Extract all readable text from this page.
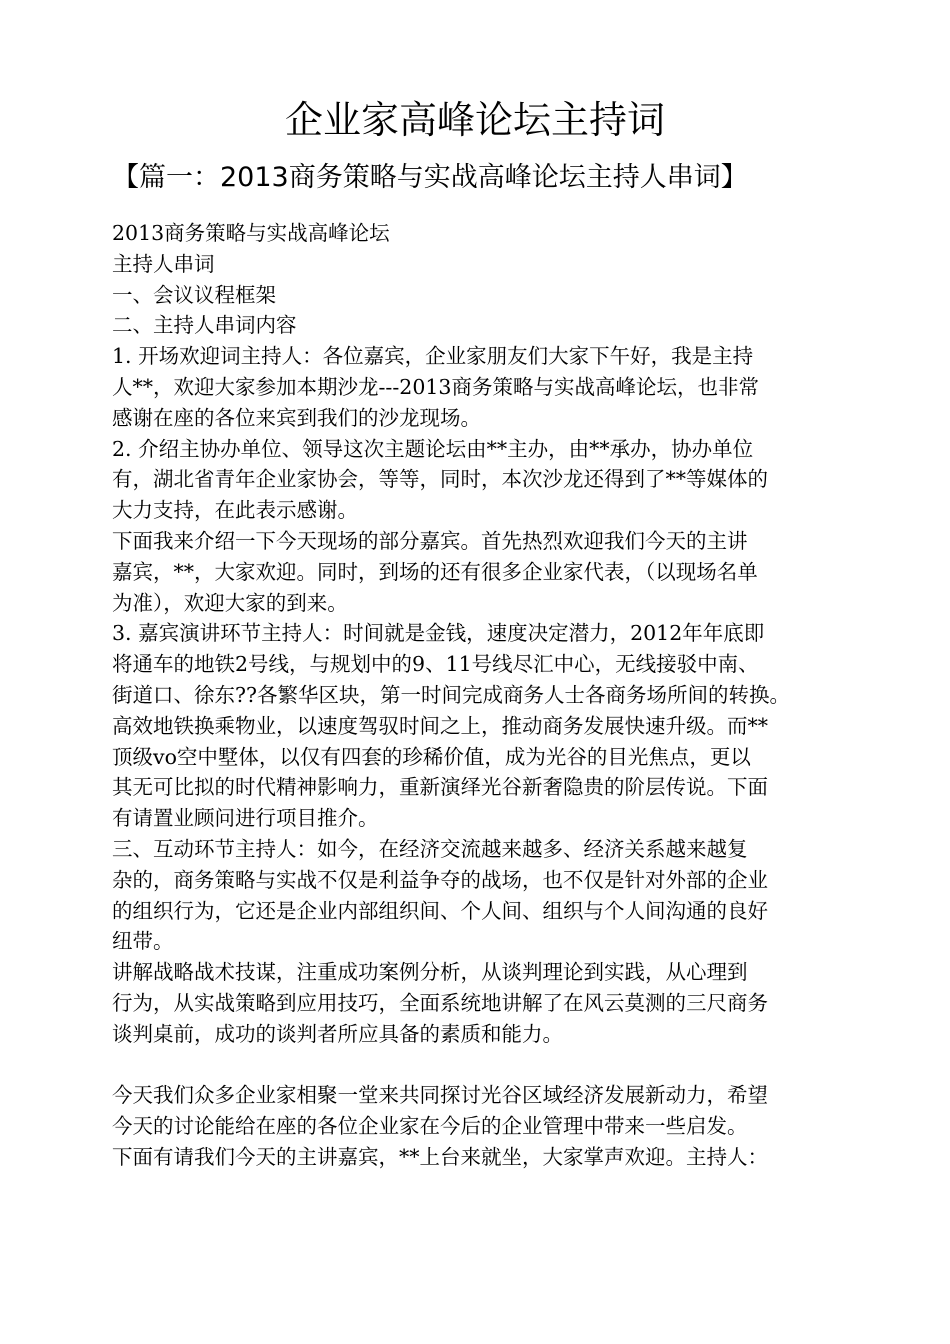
企业家高峰论坛主持词
【篇一：2013商务策略与实战高峰论坛主持人串词】
2013商务策略与实战高峰论坛
主持人串词
一、会议议程框架
二、主持人串词内容
1. 开场欢迎词主持人：各位嘉宾，企业家朋友们大家下午好，我是主持
人**，欢迎大家参加本期沙龙---2013商务策略与实战高峰论坛，也非常
感谢在座的各位来宾到我们的沙龙现场。
2. 介绍主协办单位、领导这次主题论坛由**主办，由**承办，协办单位
有，湖北省青年企业家协会，等等，同时，本次沙龙还得到了**等媒体的
大力支持，在此表示感谢。
下面我来介绍一下今天现场的部分嘉宾。首先热烈欢迎我们今天的主讲
嘉宾，**，大家欢迎。同时，到场的还有很多企业家代表，（以现场名单
为准），欢迎大家的到来。
3. 嘉宾演讲环节主持人：时间就是金钱，速度决定潜力，2012年年底即
将通车的地铁2号线，与规划中的9、11号线尽汇中心，无线接驳中南、
街道口、徐东??各繁华区块，第一时间完成商务人士各商务场所间的转换。
高效地铁换乘物业，以速度驾驭时间之上，推动商务发展快速升级。而**
顶级vo空中墅体，以仅有四套的珍稀价值，成为光谷的目光焦点，更以
其无可比拟的时代精神影响力，重新演绎光谷新奢隐贵的阶层传说。下面
有请置业顾问进行项目推介。
三、互动环节主持人：如今，在经济交流越来越多、经济关系越来越复
杂的，商务策略与实战不仅是利益争夺的战场，也不仅是针对外部的企业
的组织行为，它还是企业内部组织间、个人间、组织与个人间沟通的良好
纽带。
讲解战略战术技谋，注重成功案例分析，从谈判理论到实践，从心理到
行为，从实战策略到应用技巧，全面系统地讲解了在风云莫测的三尺商务
谈判桌前，成功的谈判者所应具备的素质和能力。
今天我们众多企业家相聚一堂来共同探讨光谷区域经济发展新动力，希望
今天的讨论能给在座的各位企业家在今后的企业管理中带来一些启发。
下面有请我们今天的主讲嘉宾，**上台来就坐，大家掌声欢迎。主持人：
